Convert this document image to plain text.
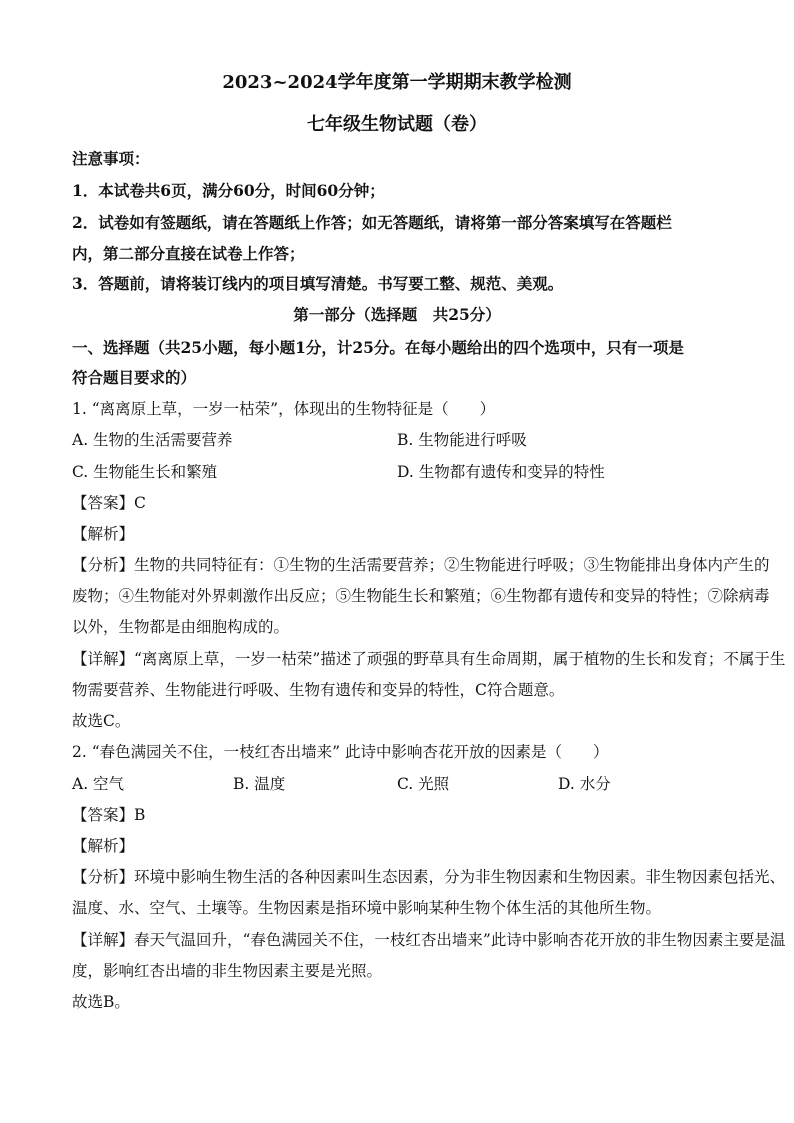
2023~2024学年度第一学期期末教学检测
七年级生物试题（卷）
注意事项：
1．本试卷共6页，满分60分，时间60分钟；
2．试卷如有签题纸，请在答题纸上作答；如无答题纸，请将第一部分答案填写在答题栏
内，第二部分直接在试卷上作答；
3．答题前，请将装订线内的项目填写清楚。书写要工整、规范、美观。
第一部分（选择题　共25分）
一、选择题（共25小题，每小题1分，计25分。在每小题给出的四个选项中，只有一项是
符合题目要求的）
1. “离离原上草，一岁一枯荣”，体现出的生物特征是（　　）
A. 生物的生活需要营养	B. 生物能进行呼吸
C. 生物能生长和繁殖	D. 生物都有遗传和变异的特性
【答案】C
【解析】
【分析】生物的共同特征有：①生物的生活需要营养；②生物能进行呼吸；③生物能排出身体内产生的
废物；④生物能对外界刺激作出反应；⑤生物能生长和繁殖；⑥生物都有遗传和变异的特性；⑦除病毒
以外，生物都是由细胞构成的。
【详解】“离离原上草，一岁一枯荣”描述了顽强的野草具有生命周期，属于植物的生长和发育；不属于生
物需要营养、生物能进行呼吸、生物有遗传和变异的特性，C符合题意。
故选C。
2. “春色满园关不住，一枝红杏出墙来” 此诗中影响杏花开放的因素是（　　）
A. 空气	B. 温度	C. 光照	D. 水分
【答案】B
【解析】
【分析】环境中影响生物生活的各种因素叫生态因素，分为非生物因素和生物因素。非生物因素包括光、
温度、水、空气、土壤等。生物因素是指环境中影响某种生物个体生活的其他所生物。
【详解】春天气温回升，“春色满园关不住，一枝红杏出墙来”此诗中影响杏花开放的非生物因素主要是温
度，影响红杏出墙的非生物因素主要是光照。
故选B。
